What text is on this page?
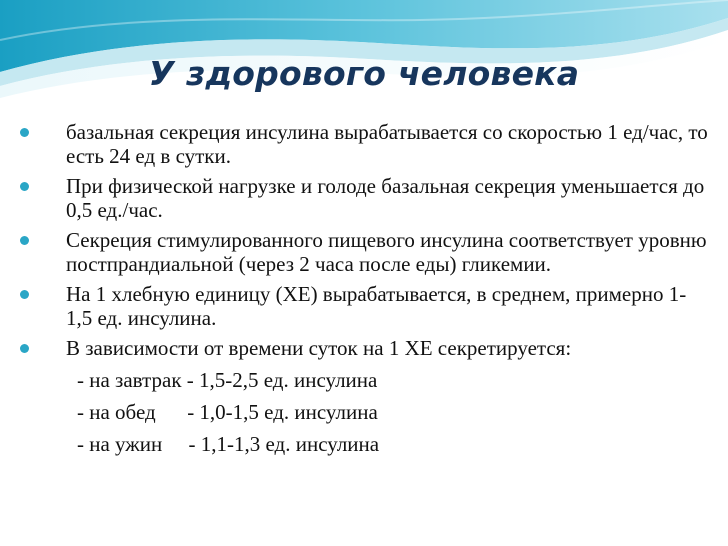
У здорового человека
базальная секреция инсулина вырабатывается со скоростью 1 ед/час, то есть 24 ед в сутки.
При физической нагрузке и голоде базальная секреция уменьшается до 0,5 ед./час.
Секреция стимулированного пищевого инсулина соответствует уровню постпрандиальной (через 2 часа после еды) гликемии.
На 1 хлебную единицу (ХЕ) вырабатывается, в среднем, примерно 1-1,5 ед. инсулина.
В зависимости от времени суток на 1 ХЕ секретируется:
- на завтрак - 1,5-2,5 ед. инсулина
- на обед      - 1,0-1,5 ед. инсулина
- на ужин     - 1,1-1,3 ед. инсулина
